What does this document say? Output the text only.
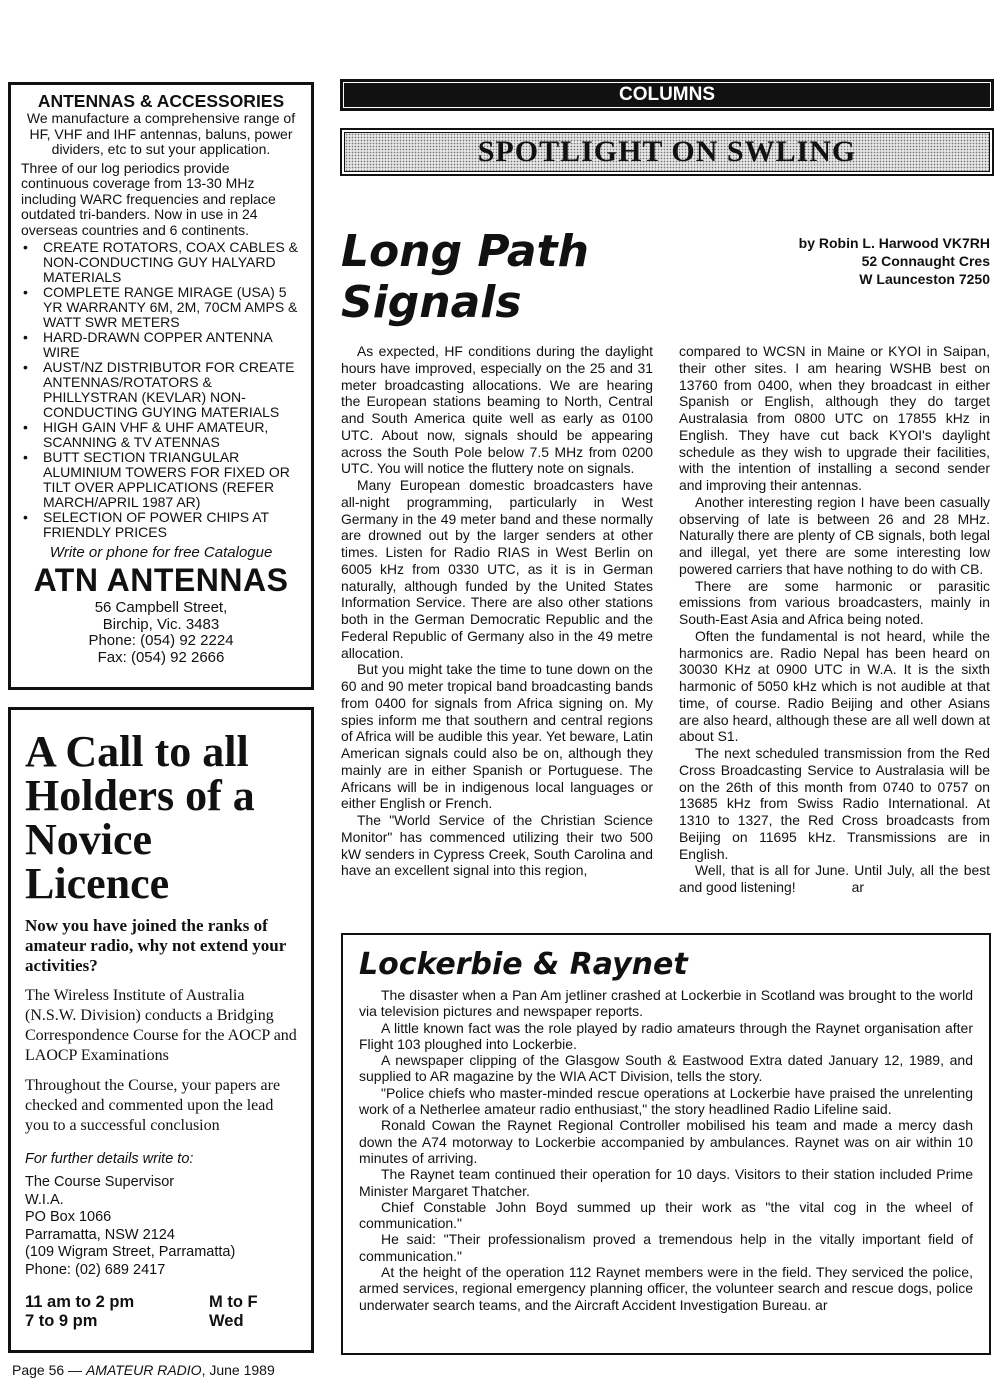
ANTENNAS & ACCESSORIES

We manufacture a comprehensive range of HF, VHF and IHF antennas, baluns, power dividers, etc to sut your application.

Three of our log periodics provide continuous coverage from 13-30 MHz including WARC frequencies and replace outdated tri-banders. Now in use in 24 overseas countries and 6 continents.

• CREATE ROTATORS, COAX CABLES & NON-CONDUCTING GUY HALYARD MATERIALS
• COMPLETE RANGE MIRAGE (USA) 5 YR WARRANTY 6M, 2M, 70CM AMPS & WATT SWR METERS
• HARD-DRAWN COPPER ANTENNA WIRE
• AUST/NZ DISTRIBUTOR FOR CREATE ANTENNAS/ROTATORS & PHILLYSTRAN (KEVLAR) NON-CONDUCTING GUYING MATERIALS
• HIGH GAIN VHF & UHF AMATEUR, SCANNING & TV ATENNAS
• BUTT SECTION TRIANGULAR ALUMINIUM TOWERS FOR FIXED OR TILT OVER APPLICATIONS (REFER MARCH/APRIL 1987 AR)
• SELECTION OF POWER CHIPS AT FRIENDLY PRICES

Write or phone for free Catalogue

ATN ANTENNAS

56 Campbell Street,
Birchip, Vic. 3483
Phone: (054) 92 2224
Fax: (054) 92 2666
A Call to all
Holders of a
Novice
Licence

Now you have joined the ranks of amateur radio, why not extend your activities?

The Wireless Institute of Australia (N.S.W. Division) conducts a Bridging Correspondence Course for the AOCP and LAOCP Examinations

Throughout the Course, your papers are checked and commented upon the lead you to a successful conclusion

For further details write to:

The Course Supervisor
W.I.A.
PO Box 1066
Parramatta, NSW 2124
(109 Wigram Street, Parramatta)
Phone: (02) 689 2417
11 am to 2 pm	M to F
7 to 9 pm	Wed
COLUMNS
SPOTLIGHT ON SWLING
Long Path
Signals
by Robin L. Harwood VK7RH
52 Connaught Cres
W Launceston 7250

As expected, HF conditions during the daylight hours have improved, especially on the 25 and 31 meter broadcasting allocations. We are hearing the European stations beaming to North, Central and South America quite well as early as 0100 UTC. About now, signals should be appearing across the South Pole below 7.5 MHz from 0200 UTC. You will notice the fluttery note on signals.

Many European domestic broadcasters have all-night programming, particularly in West Germany in the 49 meter band and these normally are drowned out by the larger senders at other times. Listen for Radio RIAS in West Berlin on 6005 kHz from 0330 UTC, as it is in German naturally, although funded by the United States Information Service. There are also other stations both in the German Democratic Republic and the Federal Republic of Germany also in the 49 metre allocation.

But you might take the time to tune down on the 60 and 90 meter tropical band broadcasting bands from 0400 for signals from Africa signing on. My spies inform me that southern and central regions of Africa will be audible this year. Yet beware, Latin American signals could also be on, although they mainly are in either Spanish or Portuguese. The Africans will be in indigenous local languages or either English or French.

The "World Service of the Christian Science Monitor" has commenced utilizing their two 500 kW senders in Cypress Creek, South Carolina and have an excellent signal into this region,

compared to WCSN in Maine or KYOI in Saipan, their other sites. I am hearing WSHB best on 13760 from 0400, when they broadcast in either Spanish or English, although they do target Australasia from 0800 UTC on 17855 kHz in English. They have cut back KYOI's daylight schedule as they wish to upgrade their facilities, with the intention of installing a second sender and improving their antennas.

Another interesting region I have been casually observing of late is between 26 and 28 MHz. Naturally there are plenty of CB signals, both legal and illegal, yet there are some interesting low powered carriers that have nothing to do with CB.

There are some harmonic or parasitic emissions from various broadcasters, mainly in South-East Asia and Africa being noted.

Often the fundamental is not heard, while the harmonics are. Radio Nepal has been heard on 30030 KHz at 0900 UTC in W.A. It is the sixth harmonic of 5050 kHz which is not audible at that time, of course. Radio Beijing and other Asians are also heard, although these are all well down at about S1.

The next scheduled transmission from the Red Cross Broadcasting Service to Australasia will be on the 26th of this month from 0740 to 0757 on 13685 kHz from Swiss Radio International. At 1310 to 1327, the Red Cross broadcasts from Beijing on 11695 kHz. Transmissions are in English.

Well, that is all for June. Until July, all the best and good listening!	ar

Lockerbie & Raynet

The disaster when a Pan Am jetliner crashed at Lockerbie in Scotland was brought to the world via television pictures and newspaper reports.

A little known fact was the role played by radio amateurs through the Raynet organisation after Flight 103 ploughed into Lockerbie.

A newspaper clipping of the Glasgow South & Eastwood Extra dated January 12, 1989, and supplied to AR magazine by the WIA ACT Division, tells the story.

"Police chiefs who master-minded rescue operations at Lockerbie have praised the unrelenting work of a Netherlee amateur radio enthusiast," the story headlined Radio Lifeline said.

Ronald Cowan the Raynet Regional Controller mobilised his team and made a mercy dash down the A74 motorway to Lockerbie accompanied by ambulances. Raynet was on air within 10 minutes of arriving.

The Raynet team continued their operation for 10 days. Visitors to their station included Prime Minister Margaret Thatcher.

Chief Constable John Boyd summed up their work as "the vital cog in the wheel of communication."

He said: "Their professionalism proved a tremendous help in the vitally important field of communication."

At the height of the operation 112 Raynet members were in the field. They serviced the police, armed services, regional emergency planning officer, the volunteer search and rescue dogs, police underwater search teams, and the Aircraft Accident Investigation Bureau. ar

Page 56 — AMATEUR RADIO, June 1989
